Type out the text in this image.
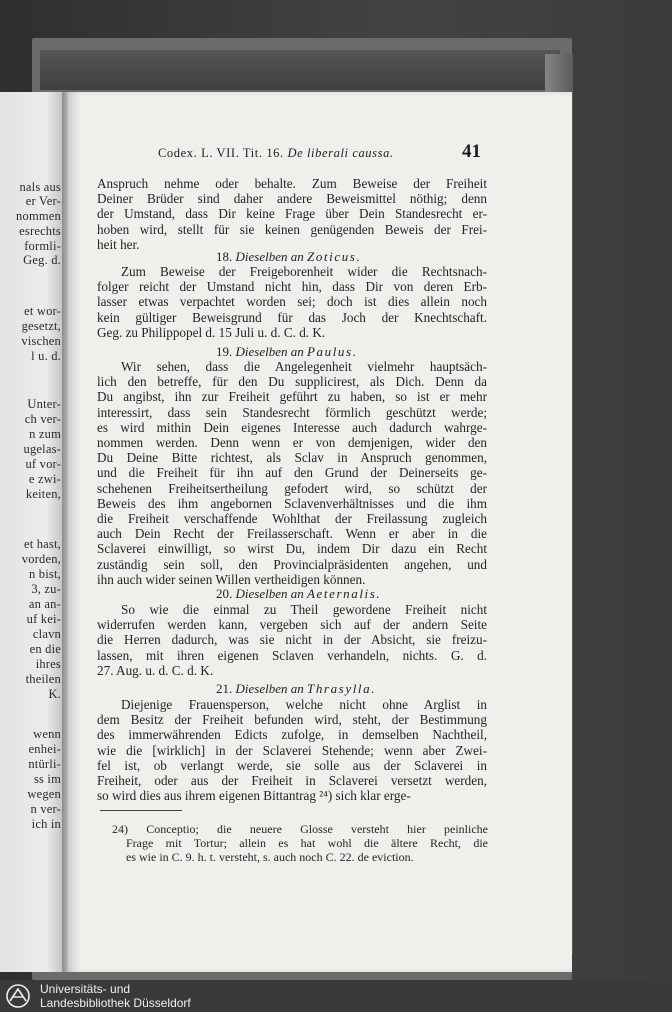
nals aus
er Ver-
nommen
esrechts
formli-
Geg. d.
et wor-
gesetzt,
vischen
l u. d.
Unter-
ch ver-
n zum
ugelas-
uf vor-
e zwi-
keiten,
et hast,
vorden,
n bist,
3, zu-
an an-
uf kei-
clavn
en die
ihres
theilen
K.
wenn
enhei-
ntürli-
ss im
wegen
n ver-
ich in
Codex. L. VII. Tit. 16. De liberali caussa.	41
Anspruch nehme oder behalte. Zum Beweise der Freiheit
Deiner Brüder sind daher andere Beweismittel nöthig; denn
der Umstand, dass Dir keine Frage über Dein Standesrecht er-
hoben wird, stellt für sie keinen genügenden Beweis der Frei-
heit her.
18. Dieselben an Zoticus.
Zum Beweise der Freigeborenheit wider die Rechtsnach-
folger reicht der Umstand nicht hin, dass Dir von deren Erb-
lasser etwas verpachtet worden sei; doch ist dies allein noch
kein gültiger Beweisgrund für das Joch der Knechtschaft.
Geg. zu Philippopel d. 15 Juli u. d. C. d. K.
19. Dieselben an Paulus.
Wir sehen, dass die Angelegenheit vielmehr hauptsäch-
lich den betreffe, für den Du supplicirest, als Dich. Denn da
Du angibst, ihn zur Freiheit geführt zu haben, so ist er mehr
interessirt, dass sein Standesrecht förmlich geschützt werde;
es wird mithin Dein eigenes Interesse auch dadurch wahrge-
nommen werden. Denn wenn er von demjenigen, wider den
Du Deine Bitte richtest, als Sclav in Anspruch genommen,
und die Freiheit für ihn auf den Grund der Deinerseits ge-
schehenen Freiheitsertheilung gefodert wird, so schützt der
Beweis des ihm angebornen Sclavenverhältnisses und die ihm
die Freiheit verschaffende Wohlthat der Freilassung zugleich
auch Dein Recht der Freilasserschaft. Wenn er aber in die
Sclaverei einwilligt, so wirst Du, indem Dir dazu ein Recht
zuständig sein soll, den Provincialpräsidenten angehen, und
ihn auch wider seinen Willen vertheidigen können.
20. Dieselben an Aeternalis.
So wie die einmal zu Theil gewordene Freiheit nicht
widerrufen werden kann, vergeben sich auf der andern Seite
die Herren dadurch, was sie nicht in der Absicht, sie freizu-
lassen, mit ihren eigenen Sclaven verhandeln, nichts. G. d.
27. Aug. u. d. C. d. K.
21. Dieselben an Thrasylla.
Diejenige Frauensperson, welche nicht ohne Arglist in
dem Besitz der Freiheit befunden wird, steht, der Bestimmung
des immerwährenden Edicts zufolge, in demselben Nachtheil,
wie die [wirklich] in der Sclaverei Stehende; wenn aber Zwei-
fel ist, ob verlangt werde, sie solle aus der Sclaverei in
Freiheit, oder aus der Freiheit in Sclaverei versetzt werden,
so wird dies aus ihrem eigenen Bittantrag ²⁴) sich klar erge-
24) Conceptio; die neuere Glosse versteht hier peinliche
Frage mit Tortur; allein es hat wohl die ältere Recht, die
es wie in C. 9. h. t. versteht, s. auch noch C. 22. de eviction.
Universitäts- und
Landesbibliothek Düsseldorf
